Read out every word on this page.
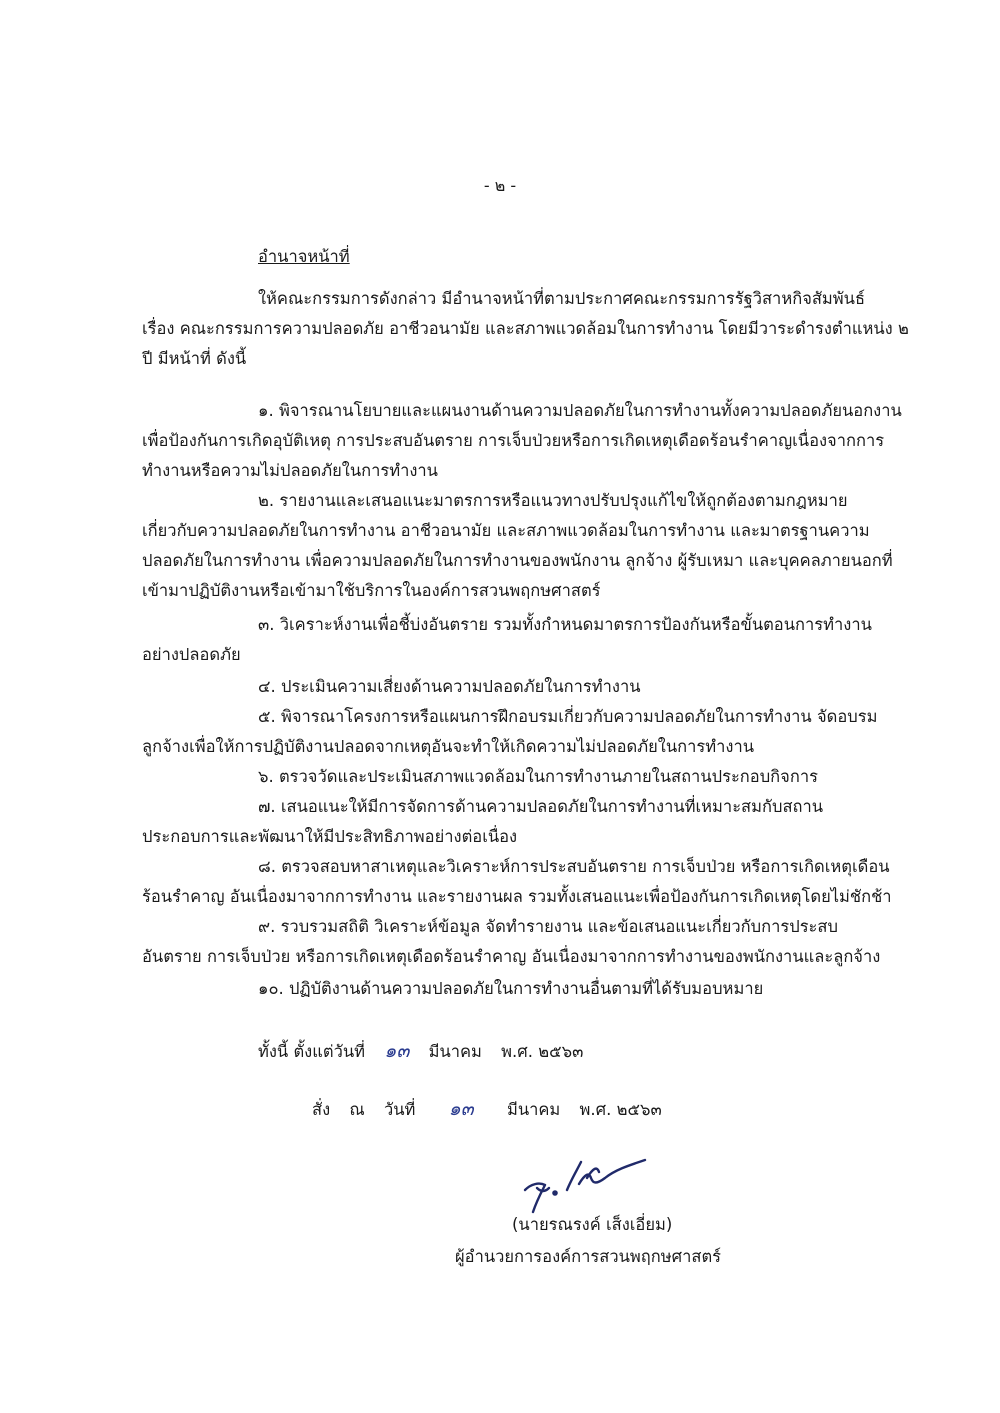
- ๒ -
อำนาจหน้าที่
ให้คณะกรรมการดังกล่าว มีอำนาจหน้าที่ตามประกาศคณะกรรมการรัฐวิสาหกิจสัมพันธ์
เรื่อง คณะกรรมการความปลอดภัย อาชีวอนามัย และสภาพแวดล้อมในการทำงาน โดยมีวาระดำรงตำแหน่ง ๒
ปี มีหน้าที่ ดังนี้
๑. พิจารณานโยบายและแผนงานด้านความปลอดภัยในการทำงานทั้งความปลอดภัยนอกงาน
เพื่อป้องกันการเกิดอุบัติเหตุ การประสบอันตราย การเจ็บป่วยหรือการเกิดเหตุเดือดร้อนรำคาญเนื่องจากการ
ทำงานหรือความไม่ปลอดภัยในการทำงาน
๒. รายงานและเสนอแนะมาตรการหรือแนวทางปรับปรุงแก้ไขให้ถูกต้องตามกฎหมาย
เกี่ยวกับความปลอดภัยในการทำงาน อาชีวอนามัย และสภาพแวดล้อมในการทำงาน และมาตรฐานความ
ปลอดภัยในการทำงาน เพื่อความปลอดภัยในการทำงานของพนักงาน ลูกจ้าง ผู้รับเหมา และบุคคลภายนอกที่
เข้ามาปฏิบัติงานหรือเข้ามาใช้บริการในองค์การสวนพฤกษศาสตร์
๓. วิเคราะห์งานเพื่อชี้บ่งอันตราย รวมทั้งกำหนดมาตรการป้องกันหรือขั้นตอนการทำงาน
อย่างปลอดภัย
๔. ประเมินความเสี่ยงด้านความปลอดภัยในการทำงาน
๕. พิจารณาโครงการหรือแผนการฝึกอบรมเกี่ยวกับความปลอดภัยในการทำงาน จัดอบรม
ลูกจ้างเพื่อให้การปฏิบัติงานปลอดจากเหตุอันจะทำให้เกิดความไม่ปลอดภัยในการทำงาน
๖. ตรวจวัดและประเมินสภาพแวดล้อมในการทำงานภายในสถานประกอบกิจการ
๗. เสนอแนะให้มีการจัดการด้านความปลอดภัยในการทำงานที่เหมาะสมกับสถาน
ประกอบการและพัฒนาให้มีประสิทธิภาพอย่างต่อเนื่อง
๘. ตรวจสอบหาสาเหตุและวิเคราะห์การประสบอันตราย การเจ็บป่วย หรือการเกิดเหตุเดือน
ร้อนรำคาญ อันเนื่องมาจากการทำงาน และรายงานผล รวมทั้งเสนอแนะเพื่อป้องกันการเกิดเหตุโดยไม่ชักช้า
๙. รวบรวมสถิติ วิเคราะห์ข้อมูล จัดทำรายงาน และข้อเสนอแนะเกี่ยวกับการประสบ
อันตราย การเจ็บป่วย หรือการเกิดเหตุเดือดร้อนรำคาญ อันเนื่องมาจากการทำงานของพนักงานและลูกจ้าง
๑๐. ปฏิบัติงานด้านความปลอดภัยในการทำงานอื่นตามที่ได้รับมอบหมาย
ทั้งนี้ ตั้งแต่วันที่ ๑๓ มีนาคม พ.ศ. ๒๕๖๓
สั่ง ณ วันที่ ๑๓ มีนาคม พ.ศ. ๒๕๖๓
(นายรณรงค์ เส็งเอี่ยม)
ผู้อำนวยการองค์การสวนพฤกษศาสตร์
